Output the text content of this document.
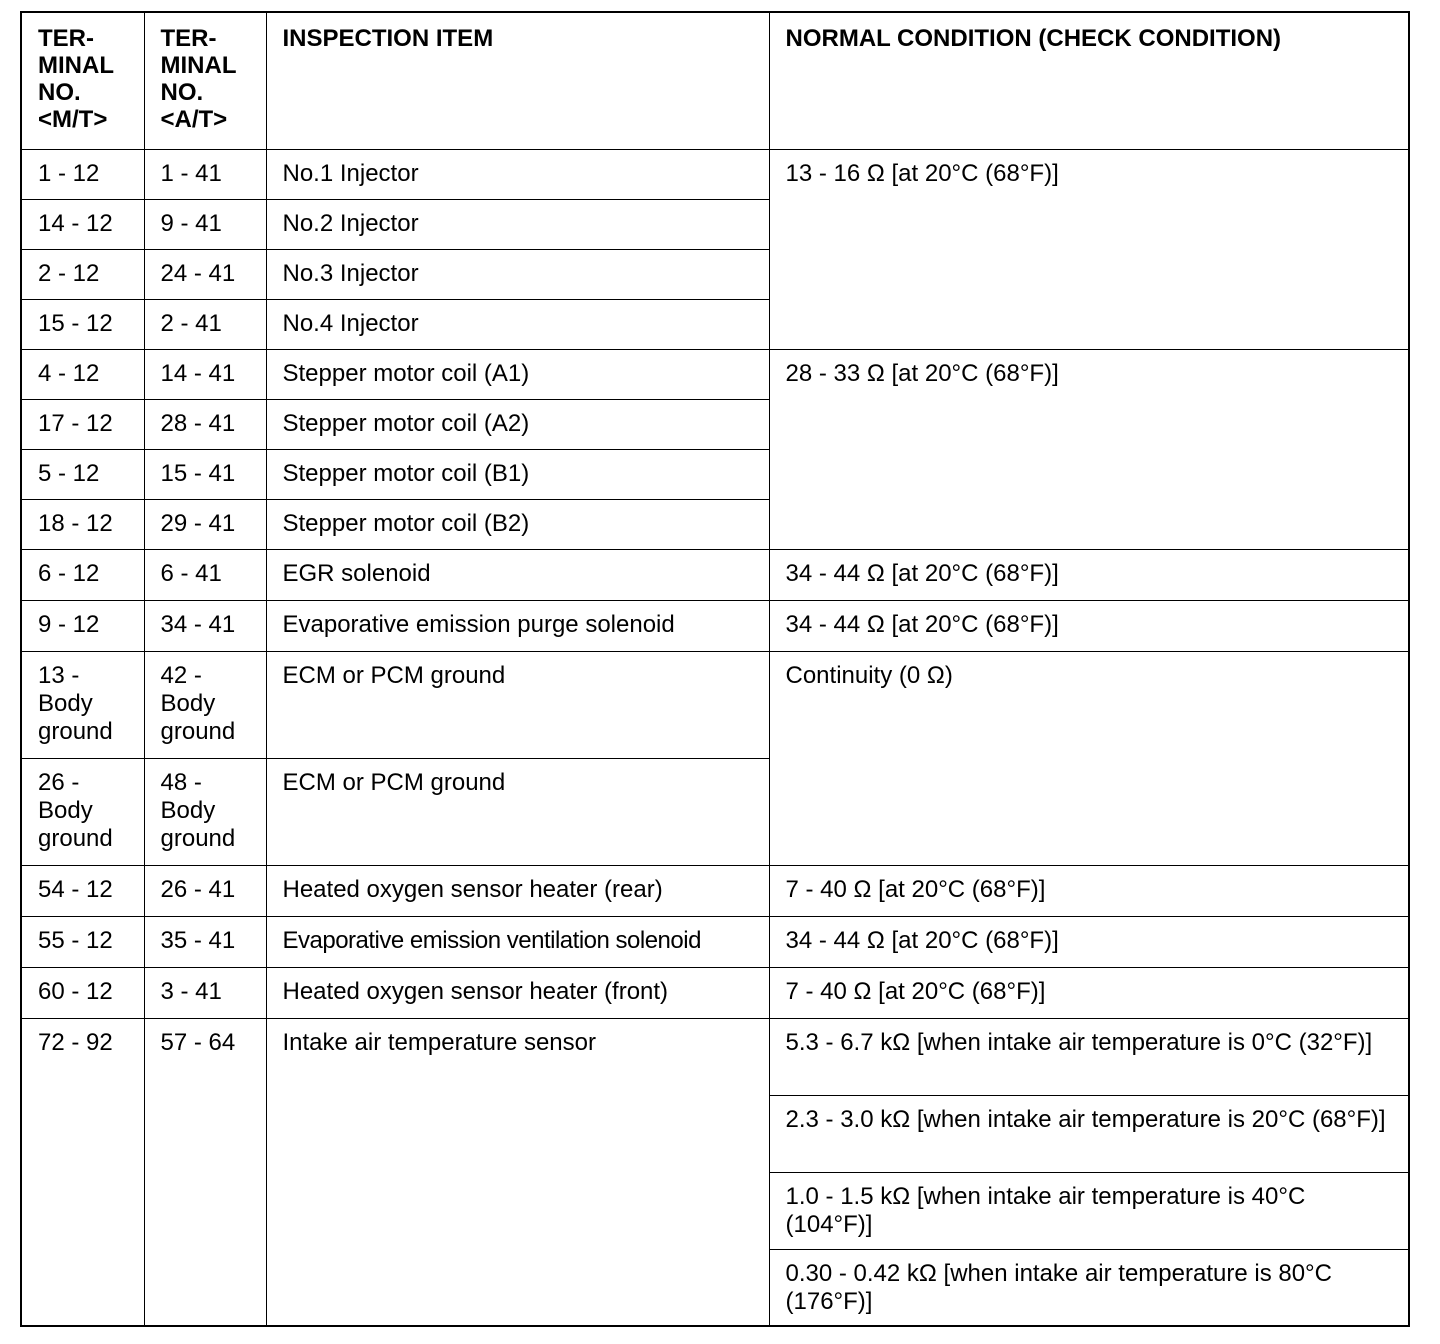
TER-
MINAL
NO.
<M/T>	TER-
MINAL
NO.
<A/T>	INSPECTION ITEM	NORMAL CONDITION (CHECK CONDITION)
1 - 12	1 - 41	No.1 Injector	13 - 16 Ω [at 20°C (68°F)]
14 - 12	9 - 41	No.2 Injector	
2 - 12	24 - 41	No.3 Injector	
15 - 12	2 - 41	No.4 Injector	
4 - 12	14 - 41	Stepper motor coil (A1)	28 - 33 Ω [at 20°C (68°F)]
17 - 12	28 - 41	Stepper motor coil (A2)	
5 - 12	15 - 41	Stepper motor coil (B1)	
18 - 12	29 - 41	Stepper motor coil (B2)	
6 - 12	6 - 41	EGR solenoid	34 - 44 Ω [at 20°C (68°F)]
9 - 12	34 - 41	Evaporative emission purge solenoid	34 - 44 Ω [at 20°C (68°F)]
13 -
Body
ground	42 -
Body
ground	ECM or PCM ground	Continuity (0 Ω)
26 -
Body
ground	48 -
Body
ground	ECM or PCM ground	
54 - 12	26 - 41	Heated oxygen sensor heater (rear)	7 - 40 Ω [at 20°C (68°F)]
55 - 12	35 - 41	Evaporative emission ventilation solenoid	34 - 44 Ω [at 20°C (68°F)]
60 - 12	3 - 41	Heated oxygen sensor heater (front)	7 - 40 Ω [at 20°C (68°F)]
72 - 92	57 - 64	Intake air temperature sensor	5.3 - 6.7 kΩ [when intake air temperature is 0°C (32°F)]
			2.3 - 3.0 kΩ [when intake air temperature is 20°C (68°F)]
			1.0 - 1.5 kΩ [when intake air temperature is 40°C (104°F)]
			0.30 - 0.42 kΩ [when intake air temperature is 80°C (176°F)]
